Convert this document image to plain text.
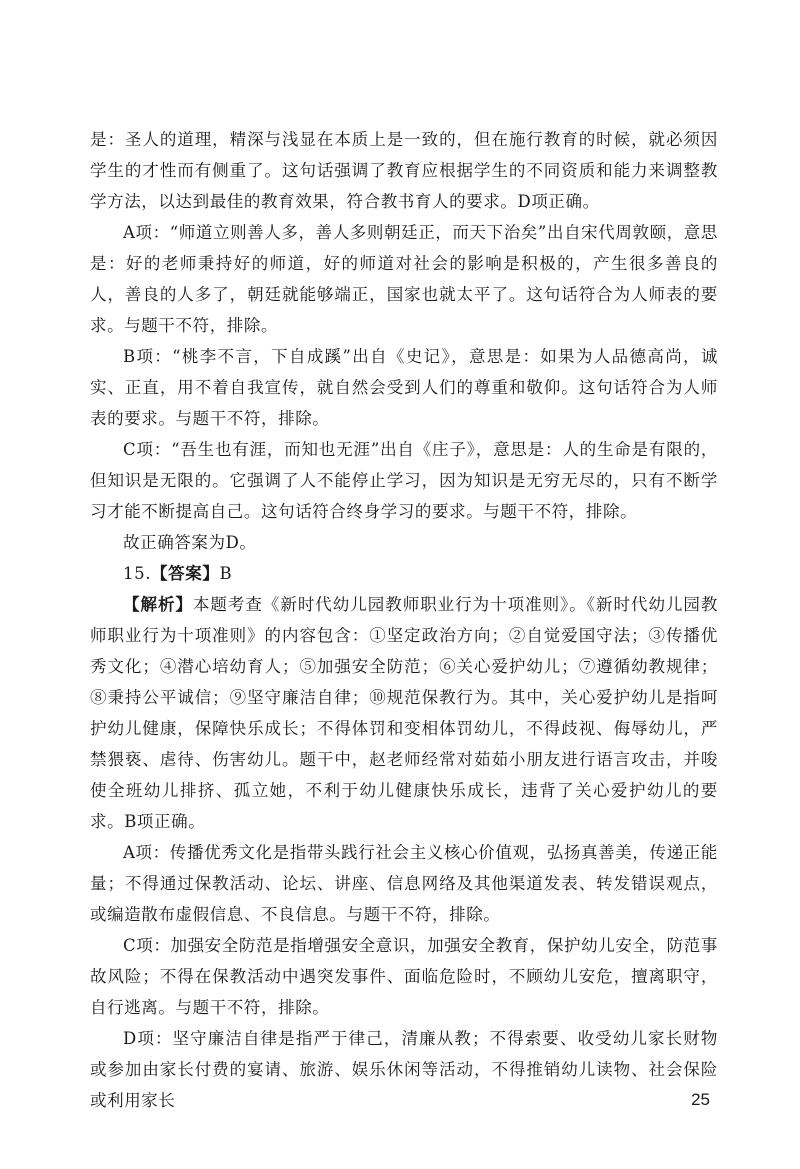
是：圣人的道理，精深与浅显在本质上是一致的，但在施行教育的时候，就必须因学生的才性而有侧重了。这句话强调了教育应根据学生的不同资质和能力来调整教学方法，以达到最佳的教育效果，符合教书育人的要求。D项正确。

A项：“师道立则善人多，善人多则朝廷正，而天下治矣”出自宋代周敦颐，意思是：好的老师秉持好的师道，好的师道对社会的影响是积极的，产生很多善良的人，善良的人多了，朝廷就能够端正，国家也就太平了。这句话符合为人师表的要求。与题干不符，排除。

B项：“桃李不言，下自成蹊”出自《史记》，意思是：如果为人品德高尚，诚实、正直，用不着自我宣传，就自然会受到人们的尊重和敬仰。这句话符合为人师表的要求。与题干不符，排除。

C项：“吾生也有涯，而知也无涯”出自《庄子》，意思是：人的生命是有限的，但知识是无限的。它强调了人不能停止学习，因为知识是无穷无尽的，只有不断学习才能不断提高自己。这句话符合终身学习的要求。与题干不符，排除。

故正确答案为D。

15.【答案】B

【解析】本题考查《新时代幼儿园教师职业行为十项准则》。《新时代幼儿园教师职业行为十项准则》的内容包含：①坚定政治方向；②自觉爱国守法；③传播优秀文化；④潜心培幼育人；⑤加强安全防范；⑥关心爱护幼儿；⑦遵循幼教规律；⑧秉持公平诚信；⑨坚守廉洁自律；⑩规范保教行为。其中，关心爱护幼儿是指呵护幼儿健康，保障快乐成长；不得体罚和变相体罚幼儿，不得歧视、侮辱幼儿，严禁猥亵、虐待、伤害幼儿。题干中，赵老师经常对茹茹小朋友进行语言攻击，并唆使全班幼儿排挤、孤立她，不利于幼儿健康快乐成长，违背了关心爱护幼儿的要求。B项正确。

A项：传播优秀文化是指带头践行社会主义核心价值观，弘扬真善美，传递正能量；不得通过保教活动、论坛、讲座、信息网络及其他渠道发表、转发错误观点，或编造散布虚假信息、不良信息。与题干不符，排除。

C项：加强安全防范是指增强安全意识，加强安全教育，保护幼儿安全，防范事故风险；不得在保教活动中遇突发事件、面临危险时，不顾幼儿安危，擅离职守，自行逃离。与题干不符，排除。

D项：坚守廉洁自律是指严于律己，清廉从教；不得索要、收受幼儿家长财物或参加由家长付费的宴请、旅游、娱乐休闲等活动，不得推销幼儿读物、社会保险或利用家长	25
